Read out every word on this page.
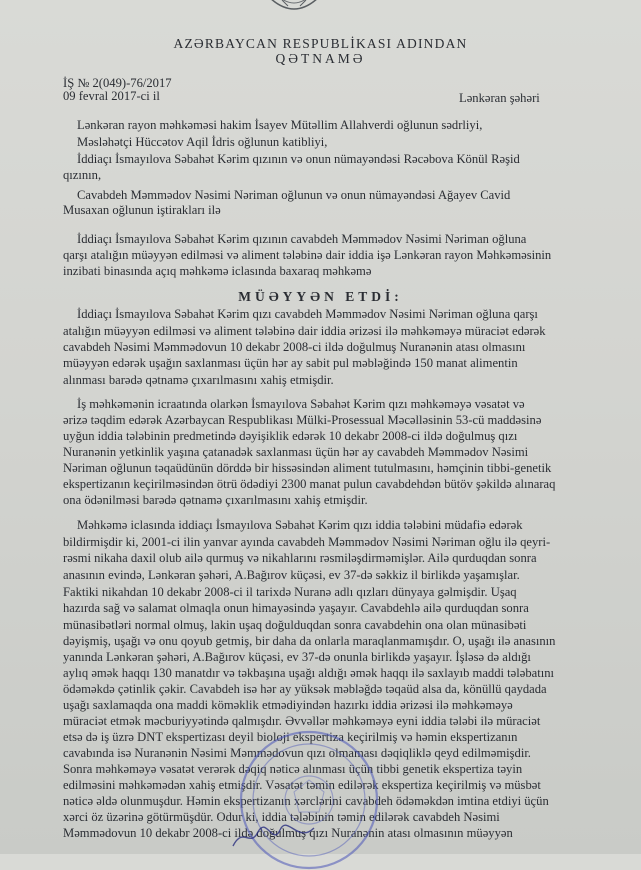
AZƏRBAYCAN RESPUBLİKASI ADINDAN
QƏTNAMƏ
İŞ № 2(049)-76/2017
09 fevral 2017-ci il	Lənkəran şəhəri
Lənkəran rayon məhkəməsi hakim İsayev Mütəllim Allahverdi oğlunun sədrliyi,
Məsləhətçi Hüccətov Aqil İdris oğlunun katibliyi,
İddiaçı İsmayılova Səbahət Kərim qızının və onun nümayəndəsi Rəcəbova Könül Rəşid
qızının,
Cavabdeh Məmmədov Nəsimi Nəriman oğlunun və onun nümayəndəsi Ağayev Cavid
Musaxan oğlunun iştirakları ilə
İddiaçı İsmayılova Səbahət Kərim qızının cavabdeh Məmmədov Nəsimi Nəriman oğluna
qarşı atalığın müəyyən edilməsi və aliment tələbinə dair iddia işə Lənkəran rayon Məhkəməsinin
inzibati binasında açıq məhkəmə iclasında baxaraq məhkəmə
MÜƏYYƏN ETDİ:
İddiaçı İsmayılova Səbahət Kərim qızı cavabdeh Məmmədov Nəsimi Nəriman oğluna qarşı
atalığın müəyyən edilməsi və aliment tələbinə dair iddia ərizəsi ilə məhkəməyə müraciət edərək
cavabdeh Nəsimi Məmmədovun 10 dekabr 2008-ci ildə doğulmuş Nuranənin atası olmasını
müəyyən edərək uşağın saxlanması üçün hər ay sabit pul məbləğində 150 manat alimentin
alınması barədə qətnamə çıxarılmasını xahiş etmişdir.
İş məhkəmənin icraatında olarkən İsmayılova Səbahət Kərim qızı məhkəməyə vəsatət və
ərizə təqdim edərək Azərbaycan Respublikası Mülki-Prosessual Məcəlləsinin 53-cü maddəsinə
uyğun iddia tələbinin predmetində dəyişiklik edərək 10 dekabr 2008-ci ildə doğulmuş qızı
Nuranənin yetkinlik yaşına çatanadək saxlanması üçün hər ay cavabdeh Məmmədov Nəsimi
Nəriman oğlunun təqaüdünün dörddə bir hissəsindən aliment tutulmasını, həmçinin tibbi-genetik
ekspertizanın keçirilməsindən ötrü ödədiyi 2300 manat pulun cavabdehdən bütöv şəkildə alınaraq
ona ödənilməsi barədə qətnamə çıxarılmasını xahiş etmişdir.
Məhkəmə iclasında iddiaçı İsmayılova Səbahət Kərim qızı iddia tələbini müdafiə edərək
bildirmişdir ki, 2001-ci ilin yanvar ayında cavabdeh Məmmədov Nəsimi Nəriman oğlu ilə qeyri-
rəsmi nikaha daxil olub ailə qurmuş və nikahlarını rəsmiləşdirməmişlər. Ailə qurduqdan sonra
anasının evində, Lənkəran şəhəri, A.Bağırov küçəsi, ev 37-də səkkiz il birlikdə yaşamışlar.
Faktiki nikahdan 10 dekabr 2008-ci il tarixdə Nuranə adlı qızları dünyaya gəlmişdir. Uşaq
hazırda sağ və salamat olmaqla onun himayəsində yaşayır. Cavabdehlə ailə qurduqdan sonra
münasibətləri normal olmuş, lakin uşaq doğulduqdan sonra cavabdehin ona olan münasibəti
dəyişmiş, uşağı və onu qoyub getmiş, bir daha da onlarla maraqlanmamışdır. O, uşağı ilə anasının
yanında Lənkəran şəhəri, A.Bağırov küçəsi, ev 37-də onunla birlikdə yaşayır. İşləsə də aldığı
aylıq əmək haqqı 130 manatdır və təkbaşına uşağı aldığı əmək haqqı ilə saxlayıb maddi tələbatını
ödəməkdə çətinlik çəkir. Cavabdeh isə hər ay yüksək məbləğdə təqaüd alsa da, könüllü qaydada
uşağı saxlamaqda ona maddi köməklik etmədiyindən hazırkı iddia ərizəsi ilə məhkəməyə
müraciət etmək məcburiyyətində qalmışdır. Əvvəllər məhkəməyə eyni iddia tələbi ilə müraciət
etsə də iş üzrə DNT ekspertizası deyil bioloji ekspertiza keçirilmiş və həmin ekspertizanın
cavabında isə Nuranənin Nəsimi Məmmədovun qızı olmaması dəqiqliklə qeyd edilməmişdir.
Sonra məhkəməyə vəsatət verərək dəqiq nəticə alınması üçün tibbi genetik ekspertiza təyin
edilməsini məhkəmədən xahiş etmişdir. Vəsatət təmin edilərək ekspertiza keçirilmiş və müsbət
nəticə əldə olunmuşdur. Həmin ekspertizanın xərclərini cavabdeh ödəməkdən imtina etdiyi üçün
xərci öz üzərinə götürmüşdür. Odur ki, iddia tələbinin təmin edilərək cavabdeh Nəsimi
Məmmədovun 10 dekabr 2008-ci ildə doğulmuş qızı Nuranənin atası olmasının müəyyən
